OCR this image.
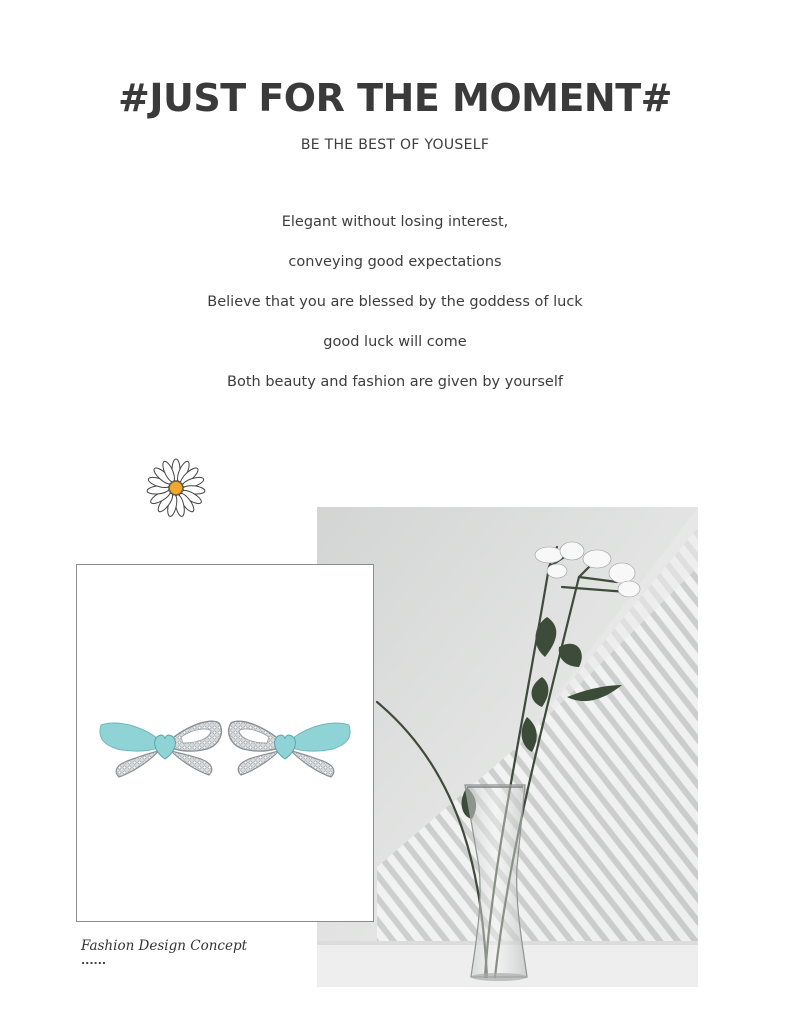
#JUST FOR THE MOMENT#
BE THE BEST OF YOUSELF
Elegant without losing interest,
conveying good expectations
Believe that you are blessed by the goddess of luck
good luck will come
Both beauty and fashion are given by yourself
Fashion Design Concept
......
